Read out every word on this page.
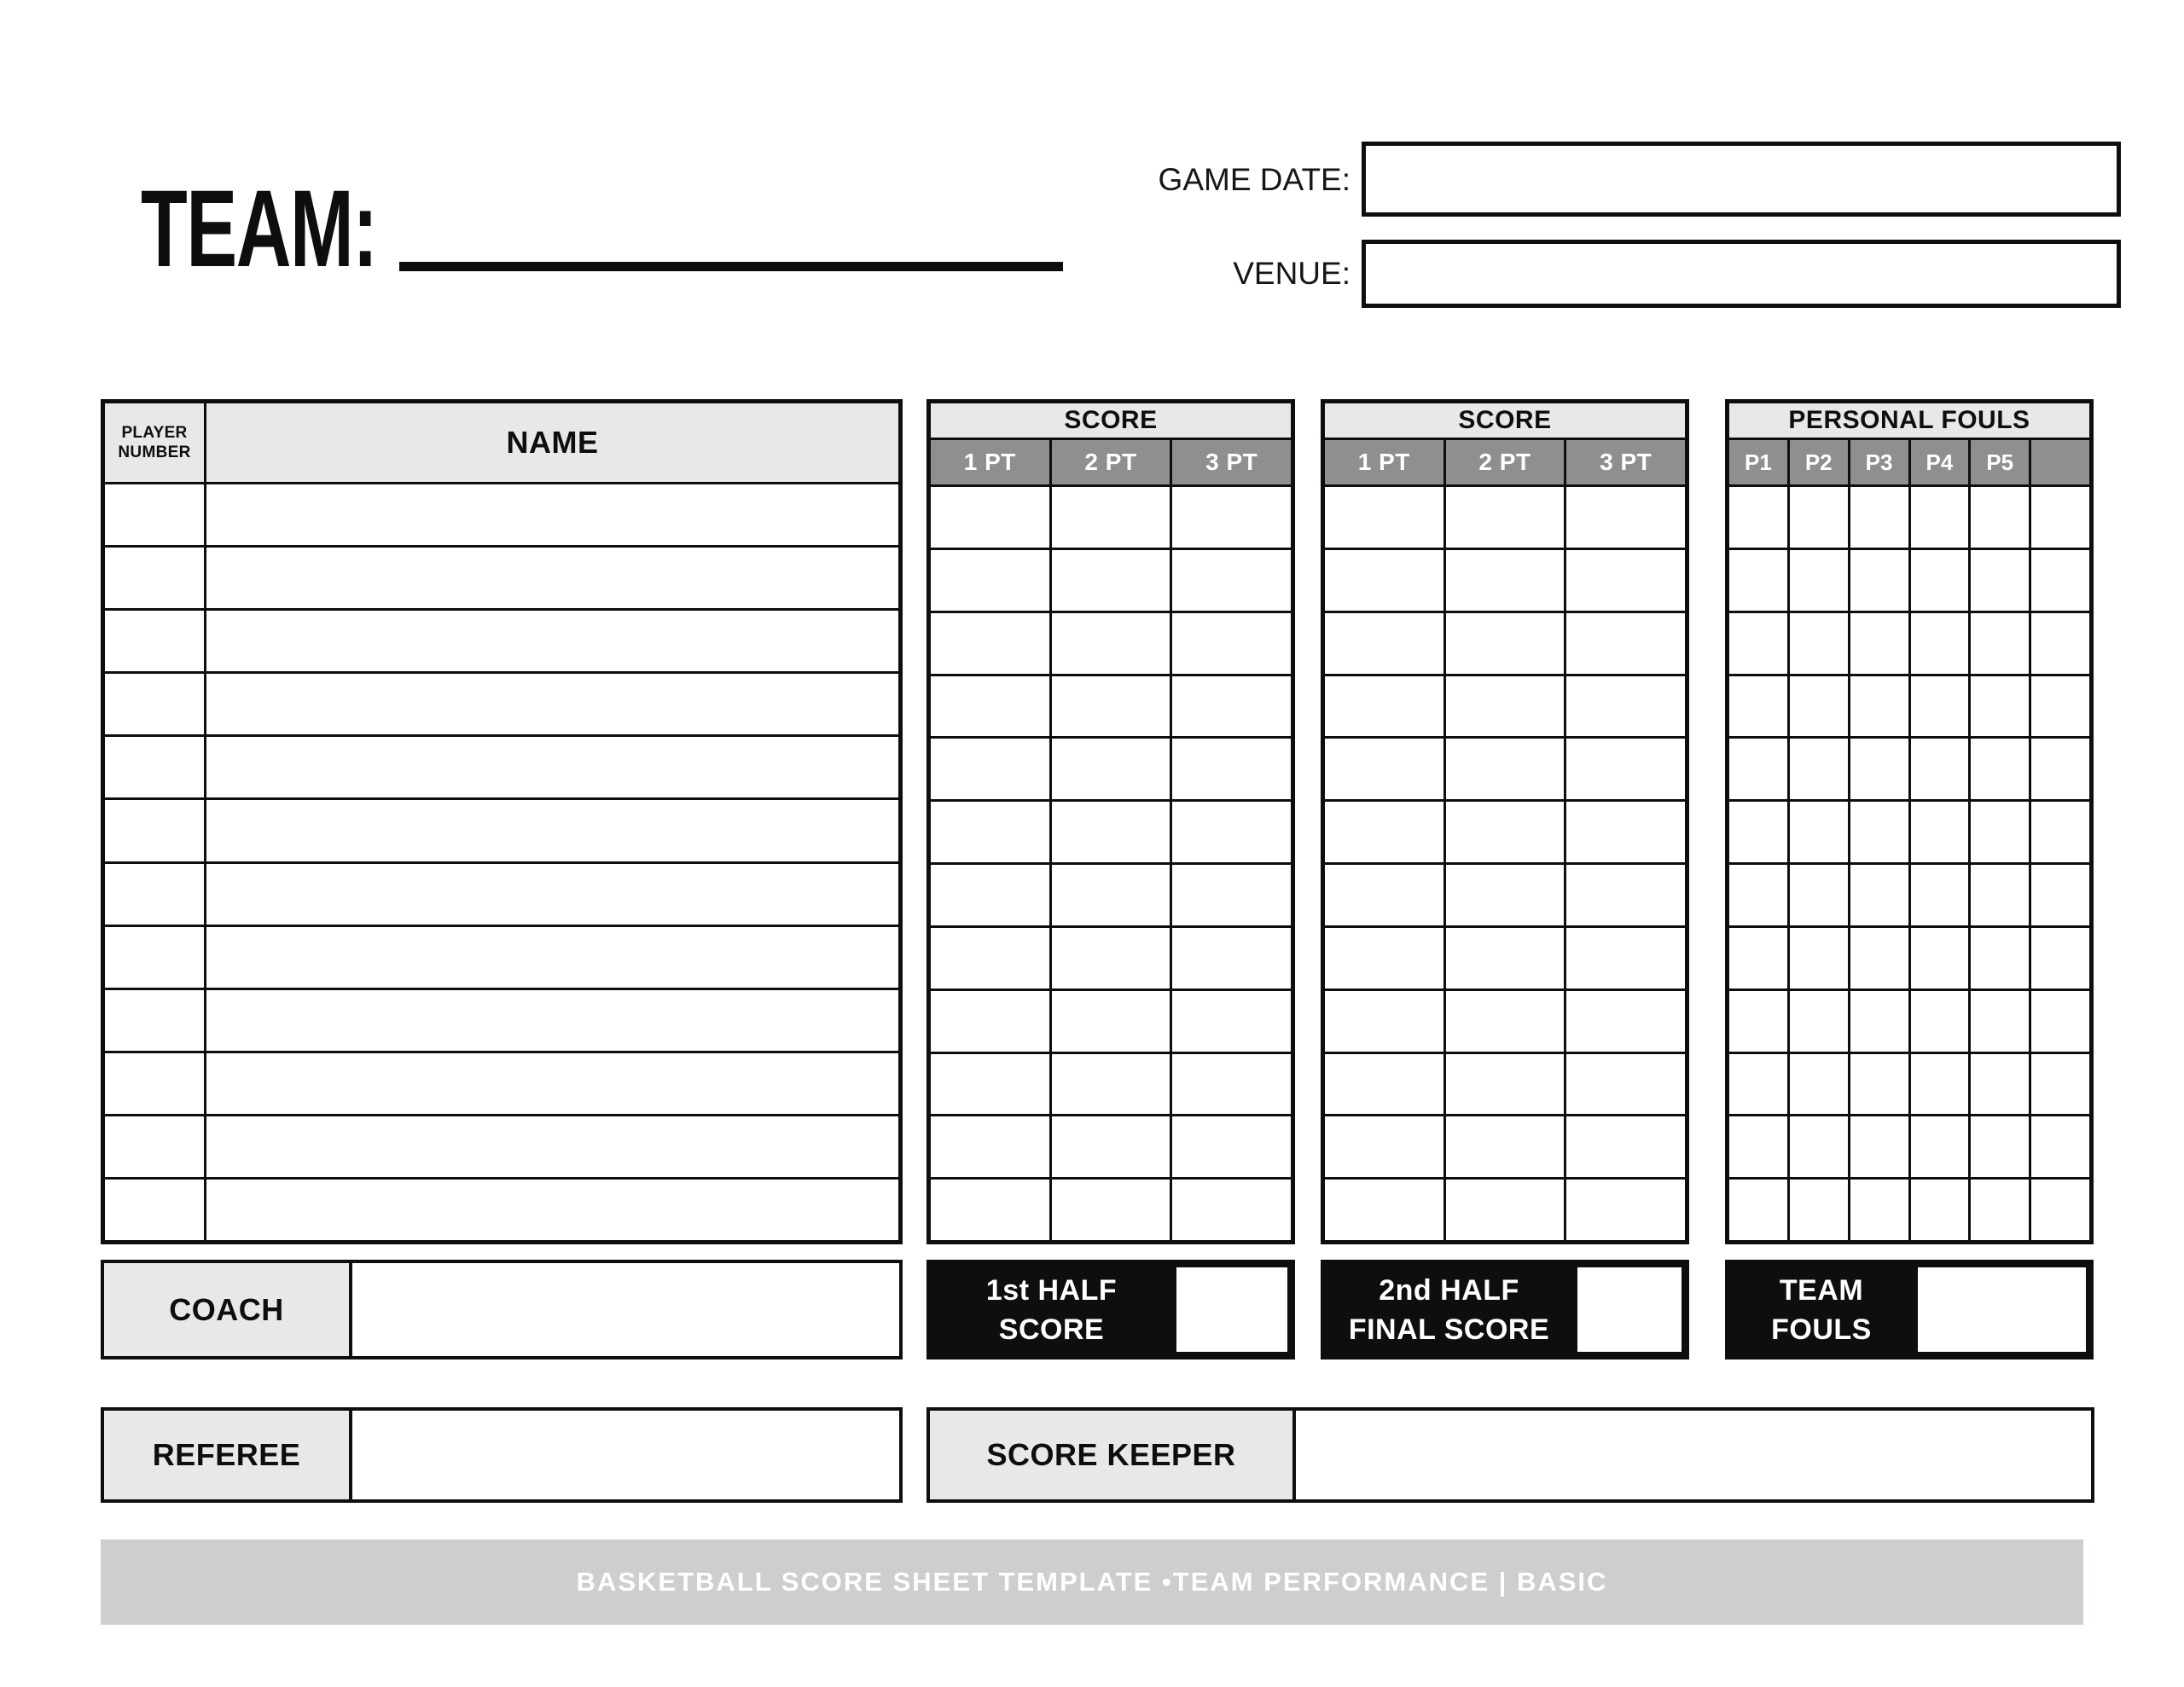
TEAM:	GAME DATE:
VENUE:
PLAYER
NUMBER	NAME
SCORE
1 PT	2 PT	3 PT
SCORE
1 PT	2 PT	3 PT
PERSONAL FOULS
P1	P2	P3	P4	P5
COACH
1st HALF
SCORE
2nd HALF
FINAL SCORE
TEAM
FOULS
REFEREE	SCORE KEEPER
BASKETBALL SCORE SHEET TEMPLATE •TEAM PERFORMANCE | BASIC
